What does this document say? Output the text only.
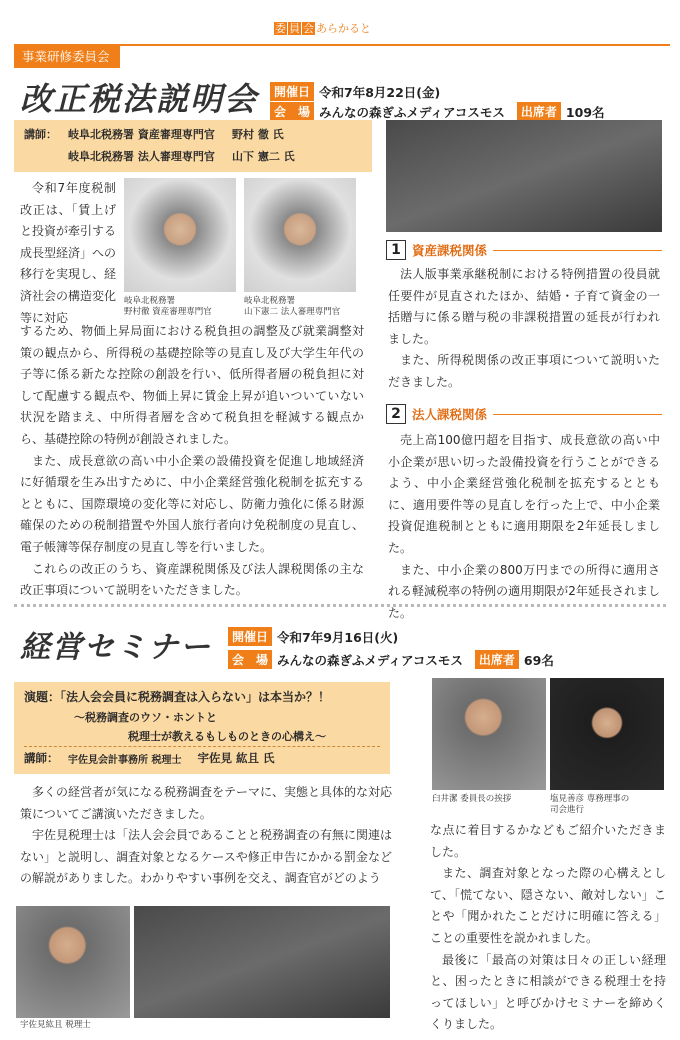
委 員 会 あらかると
事業研修委員会
改正税法説明会	開催日 令和7年8月22日(金)
会　場 みんなの森ぎふメディアコスモス	出席者 109名
講師：	岐阜北税務署 資産審理専門官	野村 徹 氏
岐阜北税務署 法人審理専門官	山下 憲二 氏
岐阜北税務署
野村徹 資産審理専門官
岐阜北税務署
山下憲二 法人審理専門官
令和7年度税制改正は、「賃上げと投資が牽引する成長型経済」への移行を実現し、経済社会の構造変化等に対応

するため、物価上昇局面における税負担の調整及び就業調整対策の観点から、所得税の基礎控除等の見直し及び大学生年代の子等に係る新たな控除の創設を行い、低所得者層の税負担に対して配慮する観点や、物価上昇に賃金上昇が追いついていない状況を踏まえ、中所得者層を含めて税負担を軽減する観点から、基礎控除の特例が創設されました。

また、成長意欲の高い中小企業の設備投資を促進し地域経済に好循環を生み出すために、中小企業経営強化税制を拡充するとともに、国際環境の変化等に対応し、防衛力強化に係る財源確保のための税制措置や外国人旅行者向け免税制度の見直し、電子帳簿等保存制度の見直し等を行いました。

これらの改正のうち、資産課税関係及び法人課税関係の主な改正事項について説明をいただきました。

1 資産課税関係

法人版事業承継税制における特例措置の役員就任要件が見直されたほか、結婚・子育て資金の一括贈与に係る贈与税の非課税措置の延長が行われました。

また、所得税関係の改正事項について説明いただきました。

2 法人課税関係

売上高100億円超を目指す、成長意欲の高い中小企業が思い切った設備投資を行うことができるよう、中小企業経営強化税制を拡充するとともに、適用要件等の見直しを行った上で、中小企業投資促進税制とともに適用期限を2年延長しました。

また、中小企業の800万円までの所得に適用される軽減税率の特例の適用期限が2年延長されました。

経営セミナー	開催日 令和7年9月16日(火)
会　場 みんなの森ぎふメディアコスモス	出席者 69名
演題：「法人会会員に税務調査は入らない」は本当か？！
～税務調査のウソ・ホントと
税理士が教えるもしものときの心構え～
講師： 宇佐見会計事務所 税理士 宇佐見 紘且 氏
臼井潔 委員長の挨拶	塩見善彦 専務理事の
司会進行
宇佐見紘且 税理士

多くの経営者が気になる税務調査をテーマに、実態と具体的な対応策についてご講演いただきました。

宇佐見税理士は「法人会会員であることと税務調査の有無に関連はない」と説明し、調査対象となるケースや修正申告にかかる罰金などの解説がありました。わかりやすい事例を交え、調査官がどのよう

な点に着目するかなどもご紹介いただきました。

また、調査対象となった際の心構えとして、「慌てない、隠さない、敵対しない」ことや「聞かれたことだけに明確に答える」ことの重要性を説かれました。

最後に「最高の対策は日々の正しい経理と、困ったときに相談ができる税理士を持ってほしい」と呼びかけセミナーを締めくくりました。
